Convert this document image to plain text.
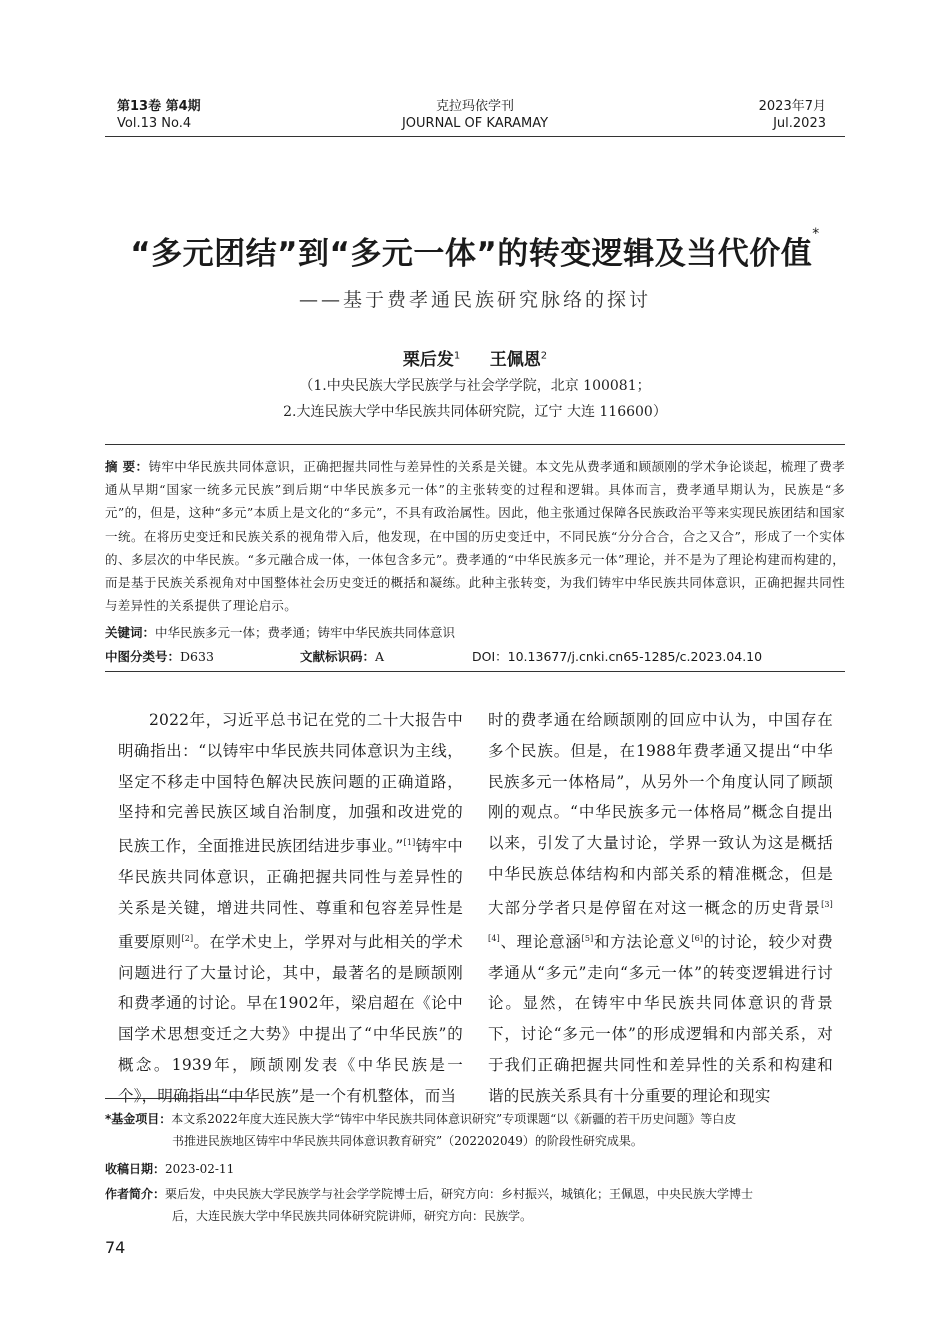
第13卷 第4期
Vol.13 No.4
克拉玛依学刊
JOURNAL OF KARAMAY
2023年7月
Jul.2023
“多元团结”到“多元一体”的转变逻辑及当代价值*
——基于费孝通民族研究脉络的探讨
栗后发$^1$ 王佩恩$^2$
（1.中央民族大学民族学与社会学学院，北京 100081；
2.大连民族大学中华民族共同体研究院，辽宁 大连 116600）
摘 要：铸牢中华民族共同体意识，正确把握共同性与差异性的关系是关键。本文先从费孝通和顾颉刚的学术争论谈起，梳理了费孝通从早期“国家一统多元民族”到后期“中华民族多元一体”的主张转变的过程和逻辑。具体而言，费孝通早期认为，民族是“多元”的，但是，这种“多元”本质上是文化的“多元”，不具有政治属性。因此，他主张通过保障各民族政治平等来实现民族团结和国家一统。在将历史变迁和民族关系的视角带入后，他发现，在中国的历史变迁中，不同民族“分分合合，合之又合”，形成了一个实体的、多层次的中华民族。“多元融合成一体，一体包含多元”。费孝通的“中华民族多元一体”理论，并不是为了理论构建而构建的，而是基于民族关系视角对中国整体社会历史变迁的概括和凝练。此种主张转变，为我们铸牢中华民族共同体意识，正确把握共同性与差异性的关系提供了理论启示。
关键词：中华民族多元一体；费孝通；铸牢中华民族共同体意识
中图分类号：D633	文献标识码：A	DOI：10.13677/j.cnki.cn65-1285/c.2023.04.10

2022年，习近平总书记在党的二十大报告中明确指出：“以铸牢中华民族共同体意识为主线，坚定不移走中国特色解决民族问题的正确道路，坚持和完善民族区域自治制度，加强和改进党的民族工作，全面推进民族团结进步事业。”[1]铸牢中华民族共同体意识，正确把握共同性与差异性的关系是关键，增进共同性、尊重和包容差异性是重要原则[2]。在学术史上，学界对与此相关的学术问题进行了大量讨论，其中，最著名的是顾颉刚和费孝通的讨论。早在1902年，梁启超在《论中国学术思想变迁之大势》中提出了“中华民族”的概念。1939年，顾颉刚发表《中华民族是一个》，明确指出“中华民族”是一个有机整体，而当

时的费孝通在给顾颉刚的回应中认为，中国存在多个民族。但是，在1988年费孝通又提出“中华民族多元一体格局”，从另外一个角度认同了顾颉刚的观点。“中华民族多元一体格局”概念自提出以来，引发了大量讨论，学界一致认为这是概括中华民族总体结构和内部关系的精准概念，但是大部分学者只是停留在对这一概念的历史背景[3][4]、理论意涵[5]和方法论意义[6]的讨论，较少对费孝通从“多元”走向“多元一体”的转变逻辑进行讨论。显然，在铸牢中华民族共同体意识的背景下，讨论“多元一体”的形成逻辑和内部关系，对于我们正确把握共同性和差异性的关系和构建和谐的民族关系具有十分重要的理论和现实

*基金项目：本文系2022年度大连民族大学“铸牢中华民族共同体意识研究”专项课题“以《新疆的若干历史问题》等白皮
书推进民族地区铸牢中华民族共同体意识教育研究”（202202049）的阶段性研究成果。
收稿日期：2023-02-11
作者简介：栗后发，中央民族大学民族学与社会学学院博士后，研究方向：乡村振兴，城镇化；王佩恩，中央民族大学博士
后，大连民族大学中华民族共同体研究院讲师，研究方向：民族学。
74
